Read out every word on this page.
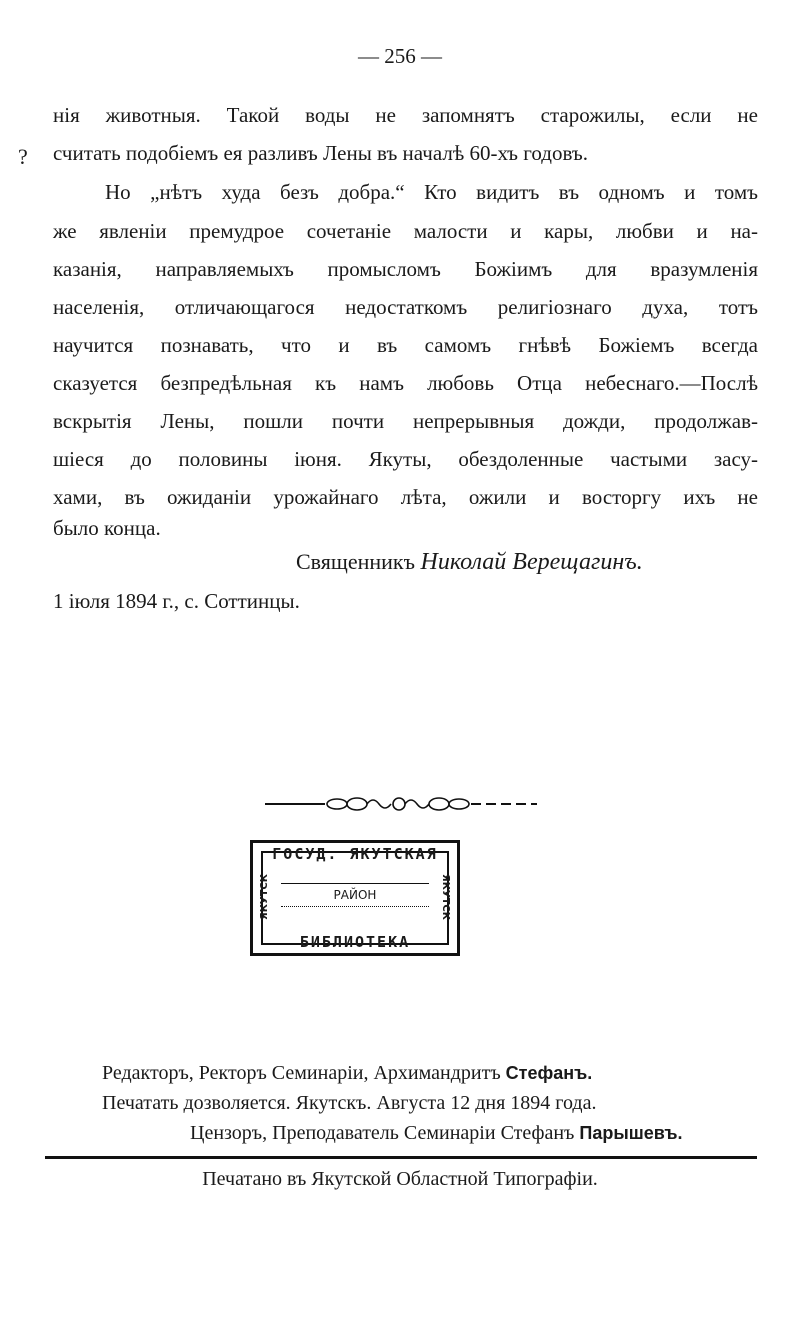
— 256 —
?
нія животныя. Такой воды не запомнятъ старожилы, если не
считать подобіемъ ея разливъ Лены въ началѣ 60-хъ годовъ.
Но „нѣтъ худа безъ добра.“ Кто видитъ въ одномъ и томъ
же явленіи премудрое сочетаніе малости и кары, любви и на-
казанія, направляемыхъ промысломъ Божіимъ для вразумленія
населенія, отличающагося недостаткомъ религіознаго духа, тотъ
научится познавать, что и въ самомъ гнѣвѣ Божіемъ всегда
сказуется безпредѣльная къ намъ любовь Отца небеснаго.—Послѣ
вскрытія Лены, пошли почти непрерывныя дожди, продолжав-
шіеся до половины іюня. Якуты, обездоленные частыми засу-
хами, въ ожиданіи урожайнаго лѣта, ожили и восторгу ихъ не
было конца.
Священникъ Николай Верещагинъ.
1 іюля 1894 г., с. Соттинцы.
ГОСУД. ЯКУТСКАЯ
РАЙОН
БИБЛИОТЕКА
ЯКУТСК	ЯКУТСК
Редакторъ, Ректоръ Семинаріи, Архимандритъ Стефанъ.
Печатать дозволяется. Якутскъ. Августа 12 дня 1894 года.
Цензоръ, Преподаватель Семинаріи Стефанъ Парышевъ.
Печатано въ Якутской Областной Типографіи.
